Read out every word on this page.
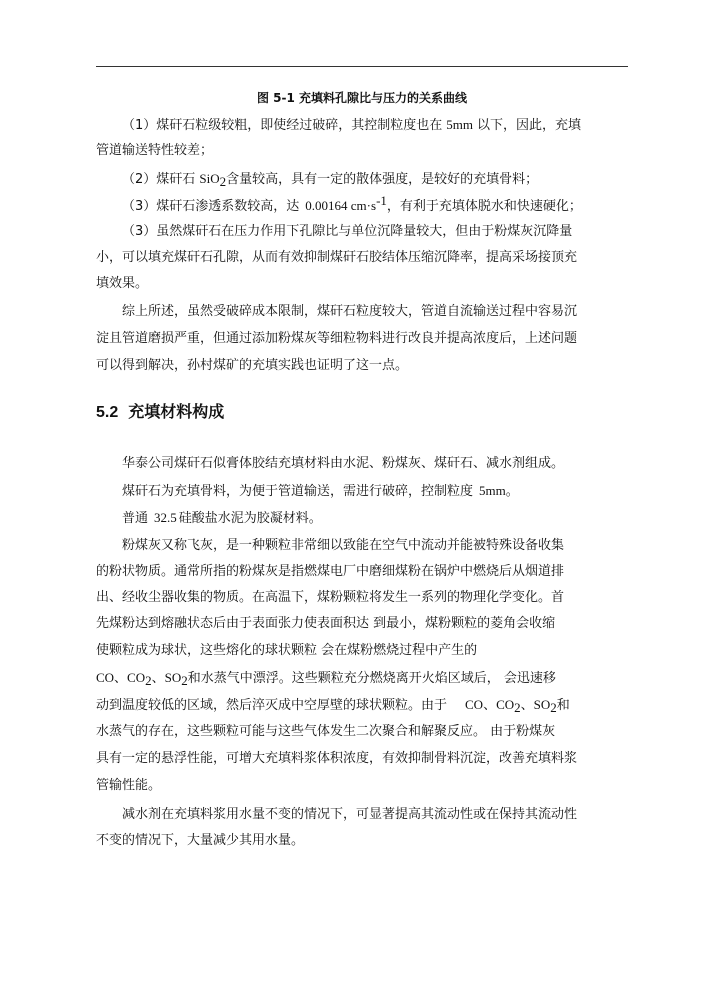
图 5-1 充填料孔隙比与压力的关系曲线
（1）煤矸石粒级较粗，即使经过破碎，其控制粒度也在 5mm 以下，因此，充填
管道输送特性较差；
（2）煤矸石 SiO$_2$含量较高，具有一定的散体强度，是较好的充填骨料；
（3）煤矸石渗透系数较高，达 0.00164 $cm\cdot s^{-1}$，有利于充填体脱水和快速硬化；
（3）虽然煤矸石在压力作用下孔隙比与单位沉降量较大，但由于粉煤灰沉降量
小，可以填充煤矸石孔隙，从而有效抑制煤矸石胶结体压缩沉降率，提高采场接顶充
填效果。
综上所述，虽然受破碎成本限制，煤矸石粒度较大，管道自流输送过程中容易沉
淀且管道磨损严重，但通过添加粉煤灰等细粒物料进行改良并提高浓度后，上述问题
可以得到解决，孙村煤矿的充填实践也证明了这一点。
5.2 充填材料构成
华泰公司煤矸石似膏体胶结充填材料由水泥、粉煤灰、煤矸石、减水剂组成。
煤矸石为充填骨料，为便于管道输送，需进行破碎，控制粒度 5mm。
普通 32.5 硅酸盐水泥为胶凝材料。
粉煤灰又称飞灰，是一种颗粒非常细以致能在空气中流动并能被特殊设备收集
的粉状物质。通常所指的粉煤灰是指燃煤电厂中磨细煤粉在锅炉中燃烧后从烟道排
出、经收尘器收集的物质。在高温下，煤粉颗粒将发生一系列的物理化学变化。首
先煤粉达到熔融状态后由于表面张力使表面积达 到最小，煤粉颗粒的菱角会收缩
使颗粒成为球状，这些熔化的球状颗粒 会在煤粉燃烧过程中产生的
CO、$CO_2$、$SO_2$和水蒸气中漂浮。这些颗粒充分燃烧离开火焰区域后， 会迅速移
动到温度较低的区域，然后淬灭成中空厚壁的球状颗粒。由于 CO、$CO_2$、$SO_2$和
水蒸气的存在，这些颗粒可能与这些气体发生二次聚合和解聚反应。 由于粉煤灰
具有一定的悬浮性能，可增大充填料浆体积浓度，有效抑制骨料沉淀，改善充填料浆
管输性能。
减水剂在充填料浆用水量不变的情况下，可显著提高其流动性或在保持其流动性
不变的情况下，大量减少其用水量。
